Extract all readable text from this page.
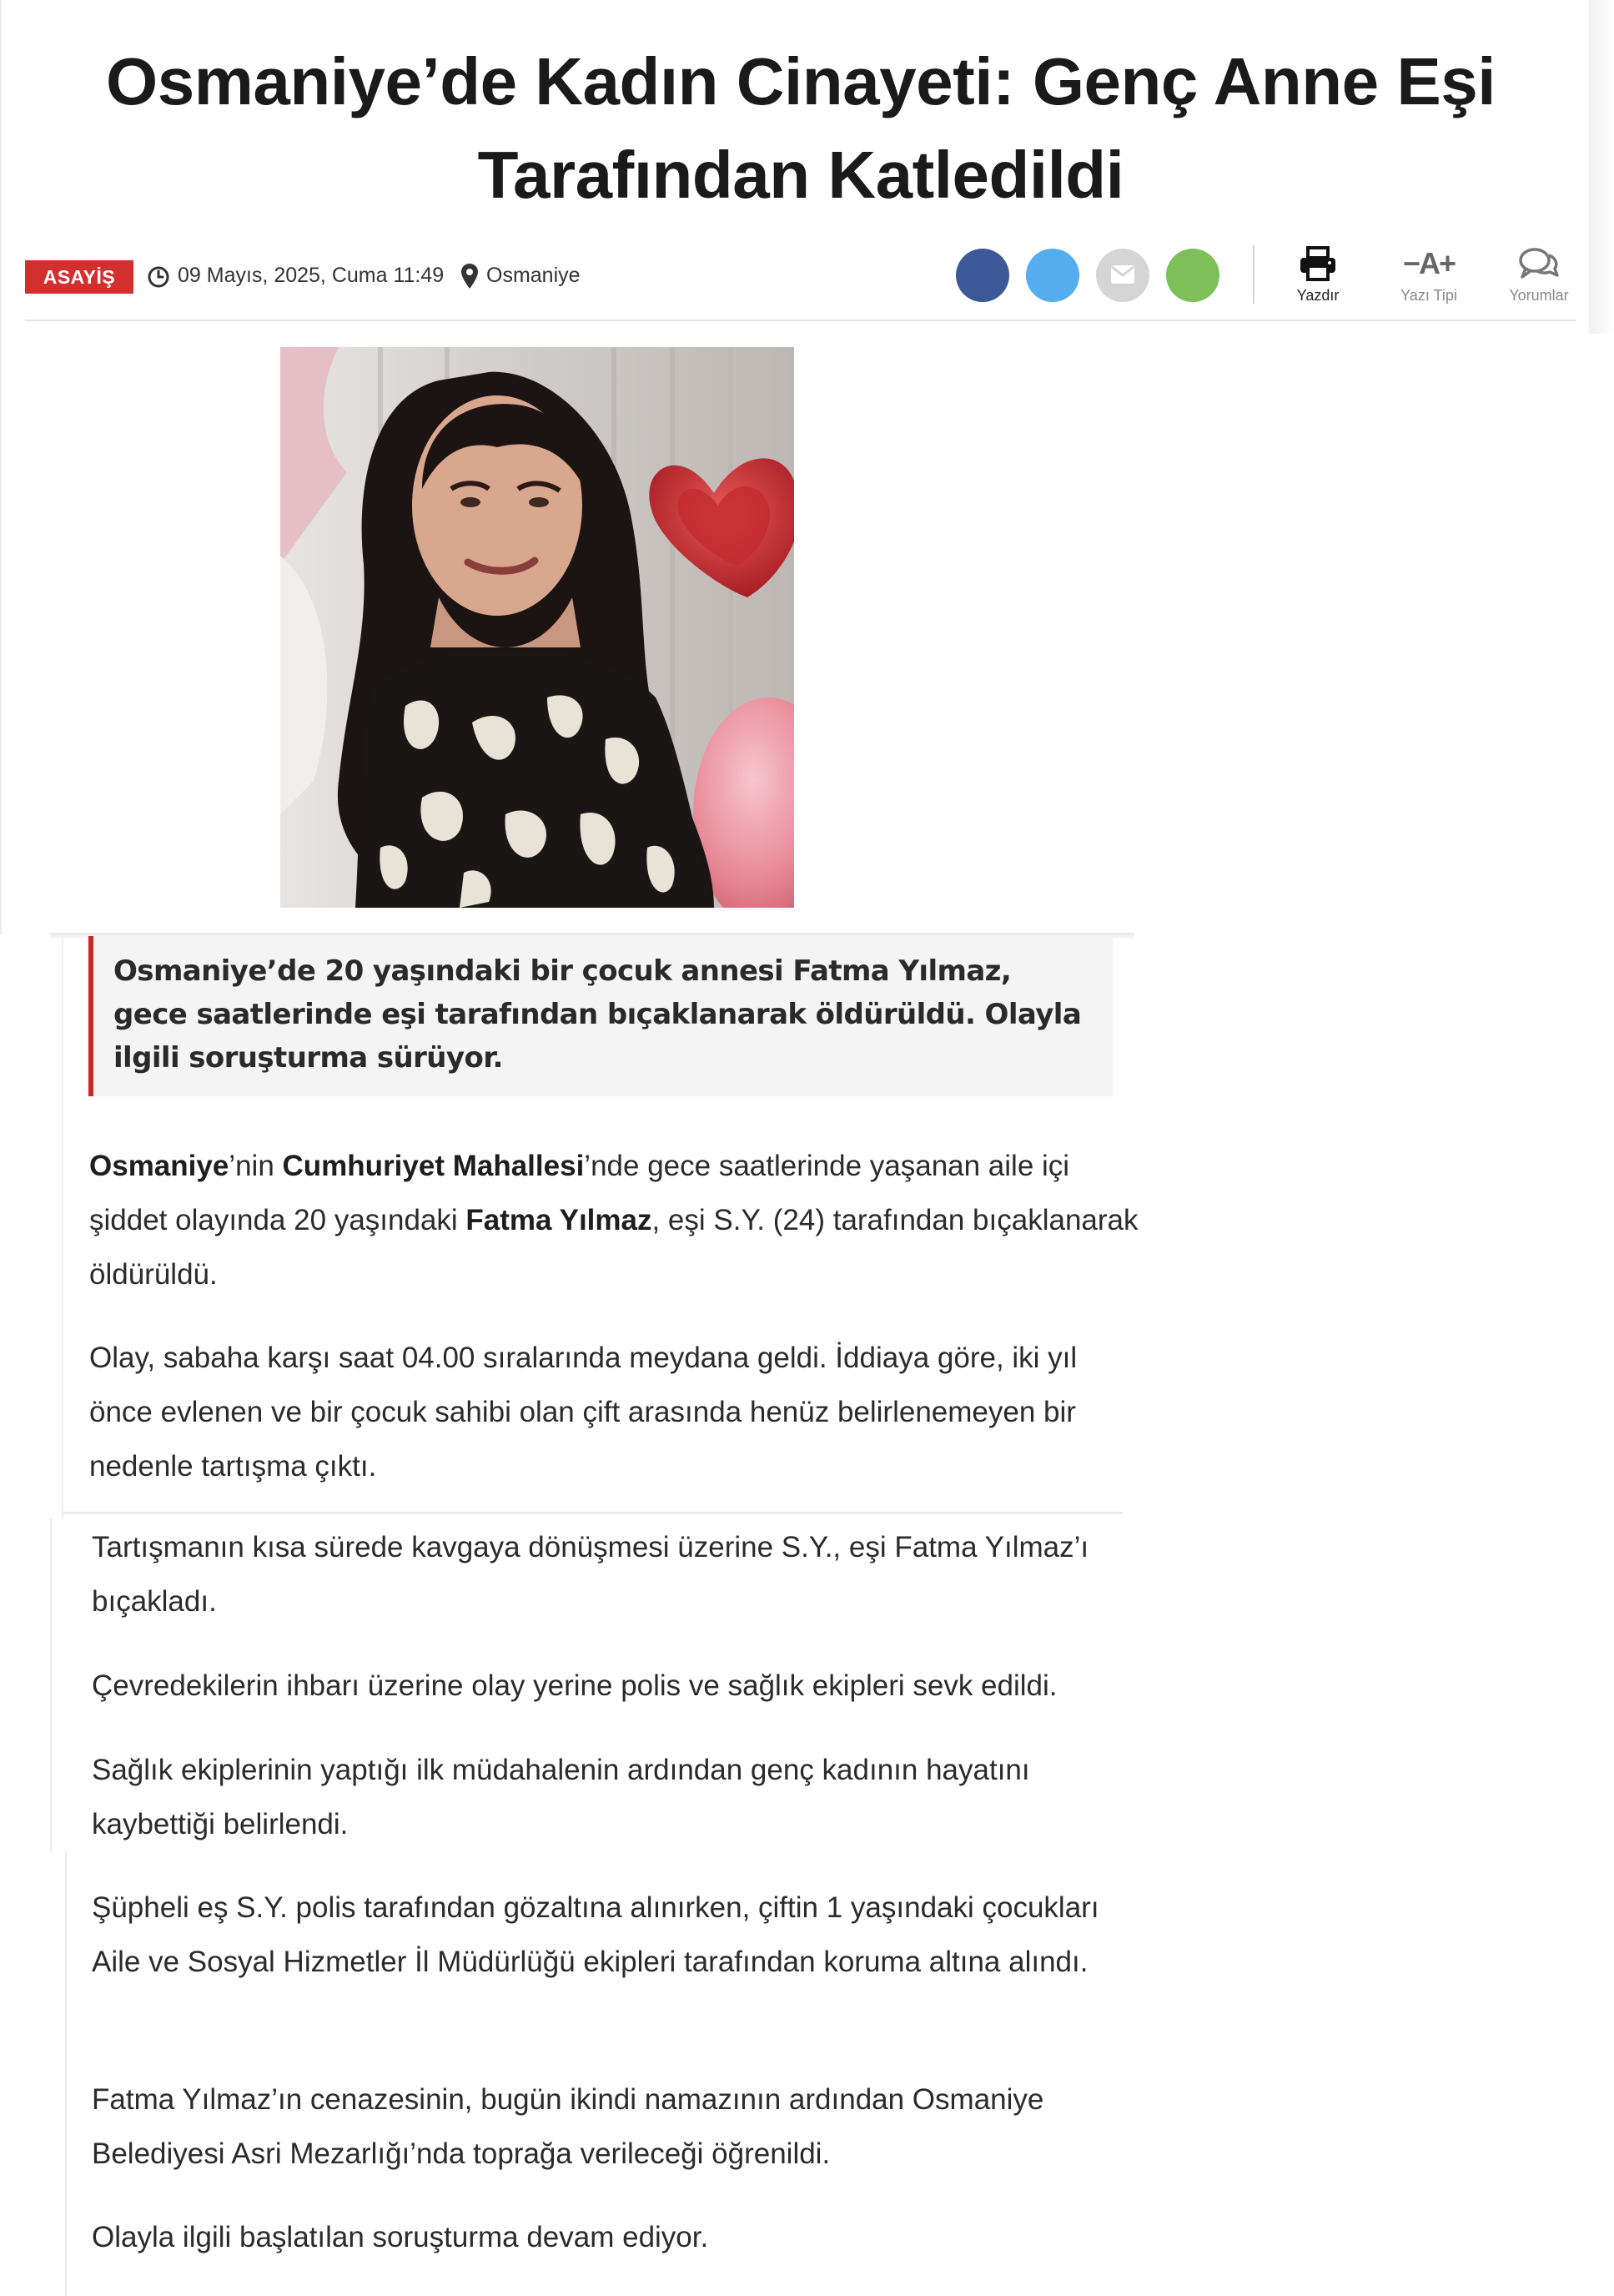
Osmaniye’de Kadın Cinayeti: Genç Anne Eşi
Tarafından Katledildi
ASAYİŞ	09 Mayıs, 2025, Cuma 11:49 Osmaniye
Yazdır
−A+
Yazı Tipi	Yorumlar

Osmaniye’de 20 yaşındaki bir çocuk annesi Fatma Yılmaz, gece saatlerinde eşi tarafından bıçaklanarak öldürüldü. Olayla ilgili soruşturma sürüyor.

Osmaniye’nin Cumhuriyet Mahallesi’nde gece saatlerinde yaşanan aile içi şiddet olayında 20 yaşındaki Fatma Yılmaz, eşi S.Y. (24) tarafından bıçaklanarak öldürüldü.

Olay, sabaha karşı saat 04.00 sıralarında meydana geldi. İddiaya göre, iki yıl önce evlenen ve bir çocuk sahibi olan çift arasında henüz belirlenemeyen bir nedenle tartışma çıktı.

Tartışmanın kısa sürede kavgaya dönüşmesi üzerine S.Y., eşi Fatma Yılmaz’ı bıçakladı.

Çevredekilerin ihbarı üzerine olay yerine polis ve sağlık ekipleri sevk edildi.

Sağlık ekiplerinin yaptığı ilk müdahalenin ardından genç kadının hayatını kaybettiği belirlendi.

Şüpheli eş S.Y. polis tarafından gözaltına alınırken, çiftin 1 yaşındaki çocukları Aile ve Sosyal Hizmetler İl Müdürlüğü ekipleri tarafından koruma altına alındı.

Fatma Yılmaz’ın cenazesinin, bugün ikindi namazının ardından Osmaniye Belediyesi Asri Mezarlığı’nda toprağa verileceği öğrenildi.

Olayla ilgili başlatılan soruşturma devam ediyor.
